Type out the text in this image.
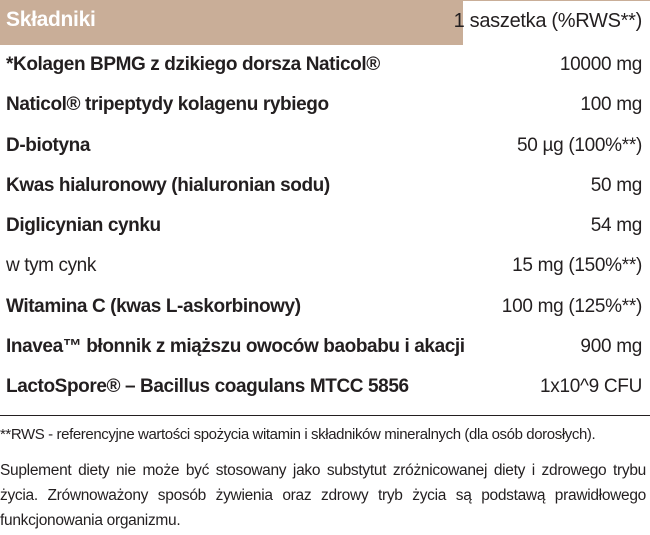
Składniki	1 saszetka (%RWS**)
*Kolagen BPMG z dzikiego dorsza Naticol®	10000 mg
Naticol® tripeptydy kolagenu rybiego	100 mg
D-biotyna	50 µg (100%**)
Kwas hialuronowy (hialuronian sodu)	50 mg
Diglicynian cynku	54 mg
w tym cynk	15 mg (150%**)
Witamina C (kwas L-askorbinowy)	100 mg (125%**)
Inavea™ błonnik z miąższu owoców baobabu i akacji	900 mg
LactoSpore® – Bacillus coagulans MTCC 5856	1x10^9 CFU
**RWS - referencyjne wartości spożycia witamin i składników mineralnych (dla osób dorosłych).
Suplement diety nie może być stosowany jako substytut zróżnicowanej diety i zdrowego trybu
życia. Zrównoważony sposób żywienia oraz zdrowy tryb życia są podstawą prawidłowego
funkcjonowania organizmu.
